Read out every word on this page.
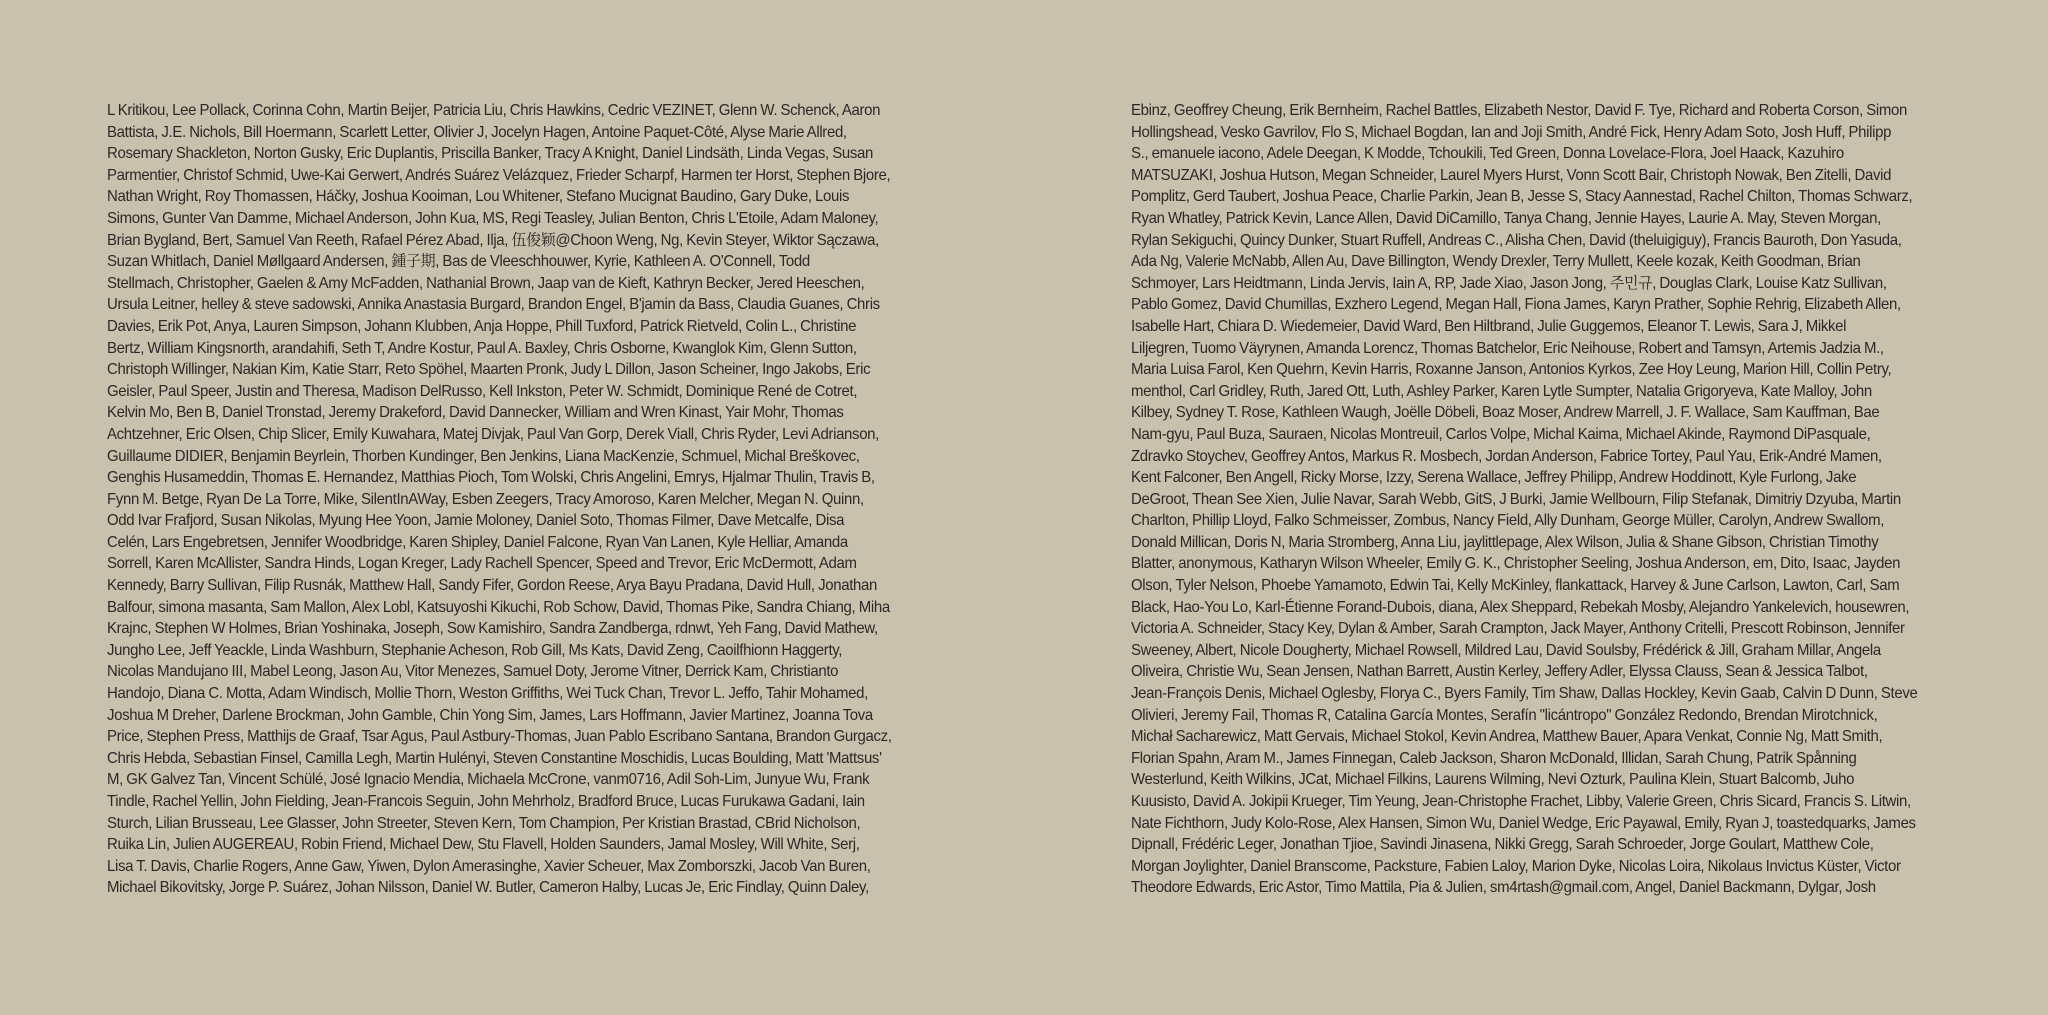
L Kritikou, Lee Pollack, Corinna Cohn, Martin Beijer, Patricia Liu, Chris Hawkins, Cedric VEZINET, Glenn W. Schenck, Aaron
Battista, J.E. Nichols, Bill Hoermann, Scarlett Letter, Olivier J, Jocelyn Hagen, Antoine Paquet-Côté, Alyse Marie Allred,
Rosemary Shackleton, Norton Gusky, Eric Duplantis, Priscilla Banker, Tracy A Knight, Daniel Lindsäth, Linda Vegas, Susan
Parmentier, Christof Schmid, Uwe-Kai Gerwert, Andrés Suárez Velázquez, Frieder Scharpf, Harmen ter Horst, Stephen Bjore,
Nathan Wright, Roy Thomassen, Háčky, Joshua Kooiman, Lou Whitener, Stefano Mucignat Baudino, Gary Duke, Louis
Simons, Gunter Van Damme, Michael Anderson, John Kua, MS, Regi Teasley, Julian Benton, Chris L'Etoile, Adam Maloney,
Brian Bygland, Bert, Samuel Van Reeth, Rafael Pérez Abad, Ilja, 伍俊颖@Choon Weng, Ng, Kevin Steyer, Wiktor Sączawa,
Suzan Whitlach, Daniel Møllgaard Andersen, 鍾子期, Bas de Vleeschhouwer, Kyrie, Kathleen A. O'Connell, Todd
Stellmach, Christopher, Gaelen & Amy McFadden, Nathanial Brown, Jaap van de Kieft, Kathryn Becker, Jered Heeschen,
Ursula Leitner, helley & steve sadowski, Annika Anastasia Burgard, Brandon Engel, B'jamin da Bass, Claudia Guanes, Chris
Davies, Erik Pot, Anya, Lauren Simpson, Johann Klubben, Anja Hoppe, Phill Tuxford, Patrick Rietveld, Colin L., Christine
Bertz, William Kingsnorth, arandahifi, Seth T, Andre Kostur, Paul A. Baxley, Chris Osborne, Kwanglok Kim, Glenn Sutton,
Christoph Willinger, Nakian Kim, Katie Starr, Reto Spöhel, Maarten Pronk, Judy L Dillon, Jason Scheiner, Ingo Jakobs, Eric
Geisler, Paul Speer, Justin and Theresa, Madison DelRusso, Kell Inkston, Peter W. Schmidt, Dominique René de Cotret,
Kelvin Mo, Ben B, Daniel Tronstad, Jeremy Drakeford, David Dannecker, William and Wren Kinast, Yair Mohr, Thomas
Achtzehner, Eric Olsen, Chip Slicer, Emily Kuwahara, Matej Divjak, Paul Van Gorp, Derek Viall, Chris Ryder, Levi Adrianson,
Guillaume DIDIER, Benjamin Beyrlein, Thorben Kundinger, Ben Jenkins, Liana MacKenzie, Schmuel, Michal Breškovec,
Genghis Husameddin, Thomas E. Hernandez, Matthias Pioch, Tom Wolski, Chris Angelini, Emrys, Hjalmar Thulin, Travis B,
Fynn M. Betge, Ryan De La Torre, Mike, SilentInAWay, Esben Zeegers, Tracy Amoroso, Karen Melcher, Megan N. Quinn,
Odd Ivar Frafjord, Susan Nikolas, Myung Hee Yoon, Jamie Moloney, Daniel Soto, Thomas Filmer, Dave Metcalfe, Disa
Celén, Lars Engebretsen, Jennifer Woodbridge, Karen Shipley, Daniel Falcone, Ryan Van Lanen, Kyle Helliar, Amanda
Sorrell, Karen McAllister, Sandra Hinds, Logan Kreger, Lady Rachell Spencer, Speed and Trevor, Eric McDermott, Adam
Kennedy, Barry Sullivan, Filip Rusnák, Matthew Hall, Sandy Fifer, Gordon Reese, Arya Bayu Pradana, David Hull, Jonathan
Balfour, simona masanta, Sam Mallon, Alex Lobl, Katsuyoshi Kikuchi, Rob Schow, David, Thomas Pike, Sandra Chiang, Miha
Krajnc, Stephen W Holmes, Brian Yoshinaka, Joseph, Sow Kamishiro, Sandra Zandberga, rdnwt, Yeh Fang, David Mathew,
Jungho Lee, Jeff Yeackle, Linda Washburn, Stephanie Acheson, Rob Gill, Ms Kats, David Zeng, Caoilfhionn Haggerty,
Nicolas Mandujano III, Mabel Leong, Jason Au, Vitor Menezes, Samuel Doty, Jerome Vitner, Derrick Kam, Christianto
Handojo, Diana C. Motta, Adam Windisch, Mollie Thorn, Weston Griffiths, Wei Tuck Chan, Trevor L. Jeffo, Tahir Mohamed,
Joshua M Dreher, Darlene Brockman, John Gamble, Chin Yong Sim, James, Lars Hoffmann, Javier Martinez, Joanna Tova
Price, Stephen Press, Matthijs de Graaf, Tsar Agus, Paul Astbury-Thomas, Juan Pablo Escribano Santana, Brandon Gurgacz,
Chris Hebda, Sebastian Finsel, Camilla Legh, Martin Hulényi, Steven Constantine Moschidis, Lucas Boulding, Matt 'Mattsus'
M, GK Galvez Tan, Vincent Schülé, José Ignacio Mendia, Michaela McCrone, vanm0716, Adil Soh-Lim, Junyue Wu, Frank
Tindle, Rachel Yellin, John Fielding, Jean-Francois Seguin, John Mehrholz, Bradford Bruce, Lucas Furukawa Gadani, Iain
Sturch, Lilian Brusseau, Lee Glasser, John Streeter, Steven Kern, Tom Champion, Per Kristian Brastad, CBrid Nicholson,
Ruika Lin, Julien AUGEREAU, Robin Friend, Michael Dew, Stu Flavell, Holden Saunders, Jamal Mosley, Will White, Serj,
Lisa T. Davis, Charlie Rogers, Anne Gaw, Yiwen, Dylon Amerasinghe, Xavier Scheuer, Max Zomborszki, Jacob Van Buren,
Michael Bikovitsky, Jorge P. Suárez, Johan Nilsson, Daniel W. Butler, Cameron Halby, Lucas Je, Eric Findlay, Quinn Daley,
Ebinz, Geoffrey Cheung, Erik Bernheim, Rachel Battles, Elizabeth Nestor, David F. Tye, Richard and Roberta Corson, Simon
Hollingshead, Vesko Gavrilov, Flo S, Michael Bogdan, Ian and Joji Smith, André Fick, Henry Adam Soto, Josh Huff, Philipp
S., emanuele iacono, Adele Deegan, K Modde, Tchoukili, Ted Green, Donna Lovelace-Flora, Joel Haack, Kazuhiro
MATSUZAKI, Joshua Hutson, Megan Schneider, Laurel Myers Hurst, Vonn Scott Bair, Christoph Nowak, Ben Zitelli, David
Pomplitz, Gerd Taubert, Joshua Peace, Charlie Parkin, Jean B, Jesse S, Stacy Aannestad, Rachel Chilton, Thomas Schwarz,
Ryan Whatley, Patrick Kevin, Lance Allen, David DiCamillo, Tanya Chang, Jennie Hayes, Laurie A. May, Steven Morgan,
Rylan Sekiguchi, Quincy Dunker, Stuart Ruffell, Andreas C., Alisha Chen, David (theluigiguy), Francis Bauroth, Don Yasuda,
Ada Ng, Valerie McNabb, Allen Au, Dave Billington, Wendy Drexler, Terry Mullett, Keele kozak, Keith Goodman, Brian
Schmoyer, Lars Heidtmann, Linda Jervis, Iain A, RP, Jade Xiao, Jason Jong, 주민규, Douglas Clark, Louise Katz Sullivan,
Pablo Gomez, David Chumillas, Exzhero Legend, Megan Hall, Fiona James, Karyn Prather, Sophie Rehrig, Elizabeth Allen,
Isabelle Hart, Chiara D. Wiedemeier, David Ward, Ben Hiltbrand, Julie Guggemos, Eleanor T. Lewis, Sara J, Mikkel
Liljegren, Tuomo Väyrynen, Amanda Lorencz, Thomas Batchelor, Eric Neihouse, Robert and Tamsyn, Artemis Jadzia M.,
Maria Luisa Farol, Ken Quehrn, Kevin Harris, Roxanne Janson, Antonios Kyrkos, Zee Hoy Leung, Marion Hill, Collin Petry,
menthol, Carl Gridley, Ruth, Jared Ott, Luth, Ashley Parker, Karen Lytle Sumpter, Natalia Grigoryeva, Kate Malloy, John
Kilbey, Sydney T. Rose, Kathleen Waugh, Joëlle Döbeli, Boaz Moser, Andrew Marrell, J. F. Wallace, Sam Kauffman, Bae
Nam-gyu, Paul Buza, Sauraen, Nicolas Montreuil, Carlos Volpe, Michal Kaima, Michael Akinde, Raymond DiPasquale,
Zdravko Stoychev, Geoffrey Antos, Markus R. Mosbech, Jordan Anderson, Fabrice Tortey, Paul Yau, Erik-André Mamen,
Kent Falconer, Ben Angell, Ricky Morse, Izzy, Serena Wallace, Jeffrey Philipp, Andrew Hoddinott, Kyle Furlong, Jake
DeGroot, Thean See Xien, Julie Navar, Sarah Webb, GitS, J Burki, Jamie Wellbourn, Filip Stefanak, Dimitriy Dzyuba, Martin
Charlton, Phillip Lloyd, Falko Schmeisser, Zombus, Nancy Field, Ally Dunham, George Müller, Carolyn, Andrew Swallom,
Donald Millican, Doris N, Maria Stromberg, Anna Liu, jaylittlepage, Alex Wilson, Julia & Shane Gibson, Christian Timothy
Blatter, anonymous, Katharyn Wilson Wheeler, Emily G. K., Christopher Seeling, Joshua Anderson, em, Dito, Isaac, Jayden
Olson, Tyler Nelson, Phoebe Yamamoto, Edwin Tai, Kelly McKinley, flankattack, Harvey & June Carlson, Lawton, Carl, Sam
Black, Hao-You Lo, Karl-Étienne Forand-Dubois, diana, Alex Sheppard, Rebekah Mosby, Alejandro Yankelevich, housewren,
Victoria A. Schneider, Stacy Key, Dylan & Amber, Sarah Crampton, Jack Mayer, Anthony Critelli, Prescott Robinson, Jennifer
Sweeney, Albert, Nicole Dougherty, Michael Rowsell, Mildred Lau, David Soulsby, Frédérick & Jill, Graham Millar, Angela
Oliveira, Christie Wu, Sean Jensen, Nathan Barrett, Austin Kerley, Jeffery Adler, Elyssa Clauss, Sean & Jessica Talbot,
Jean-François Denis, Michael Oglesby, Florya C., Byers Family, Tim Shaw, Dallas Hockley, Kevin Gaab, Calvin D Dunn, Steve
Olivieri, Jeremy Fail, Thomas R, Catalina García Montes, Serafín "licántropo" González Redondo, Brendan Mirotchnick,
Michał Sacharewicz, Matt Gervais, Michael Stokol, Kevin Andrea, Matthew Bauer, Apara Venkat, Connie Ng, Matt Smith,
Florian Spahn, Aram M., James Finnegan, Caleb Jackson, Sharon McDonald, Illidan, Sarah Chung, Patrik Spånning
Westerlund, Keith Wilkins, JCat, Michael Filkins, Laurens Wilming, Nevi Ozturk, Paulina Klein, Stuart Balcomb, Juho
Kuusisto, David A. Jokipii Krueger, Tim Yeung, Jean-Christophe Frachet, Libby, Valerie Green, Chris Sicard, Francis S. Litwin,
Nate Fichthorn, Judy Kolo-Rose, Alex Hansen, Simon Wu, Daniel Wedge, Eric Payawal, Emily, Ryan J, toastedquarks, James
Dipnall, Frédéric Leger, Jonathan Tjioe, Savindi Jinasena, Nikki Gregg, Sarah Schroeder, Jorge Goulart, Matthew Cole,
Morgan Joylighter, Daniel Branscome, Packsture, Fabien Laloy, Marion Dyke, Nicolas Loira, Nikolaus Invictus Küster, Victor
Theodore Edwards, Eric Astor, Timo Mattila, Pia & Julien, sm4rtash@gmail.com, Angel, Daniel Backmann, Dylgar, Josh
